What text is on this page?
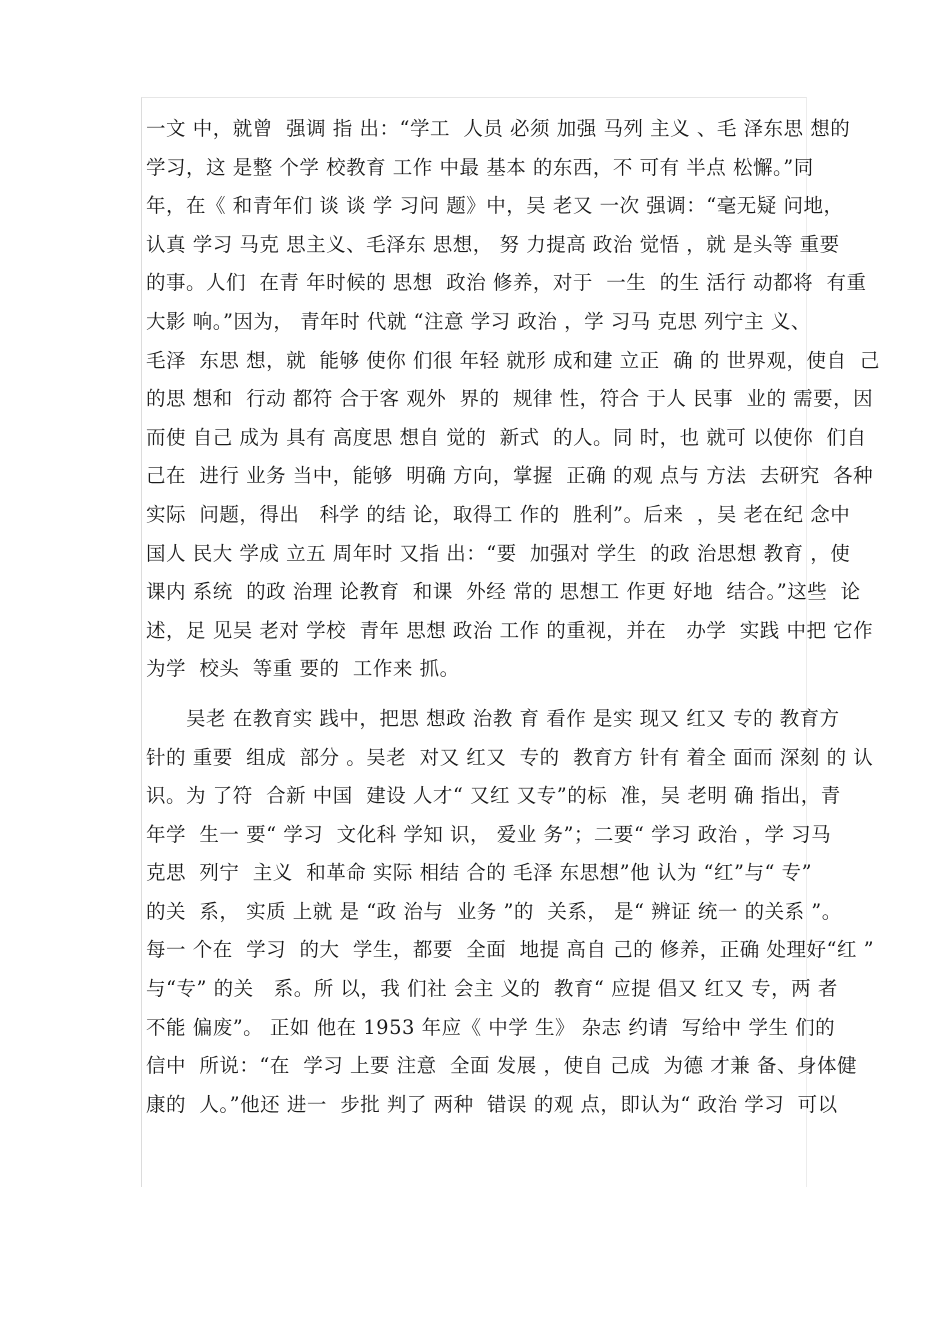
一文 中，就曾  强调 指 出：“学工  人员 必须 加强 马列 主义 、毛 泽东思 想的
学习，这 是整 个学 校教育 工作 中最 基本 的东西，不 可有 半点 松懈。”同
年，在《 和青年们 谈 谈 学 习问 题》中，吴 老又 一次 强调：“毫无疑 问地，
认真 学习 马克 思主义、毛泽东 思想， 努 力提高 政治 觉悟 ，就 是头等 重要
的事。人们  在青 年时候的 思想  政治 修养，对于  一生  的生 活行 动都将  有重
大影 响。”因为， 青年时 代就 “注意 学习 政治 ，学 习马 克思 列宁主 义、
毛泽  东思 想，就  能够 使你 们很 年轻 就形 成和建 立正  确 的 世界观，使自  己
的思 想和  行动 都符 合于客 观外  界的  规律 性，符合 于人 民事  业的 需要，因
而使 自己 成为 具有 高度思 想自 觉的  新式  的人。同 时，也 就可 以使你  们自
己在  进行 业务 当中，能够  明确 方向，掌握  正确 的观 点与 方法  去研究  各种
实际  问题，得出   科学 的结 论，取得工 作的  胜利”。后来  ，吴 老在纪 念中
国人 民大 学成 立五 周年时 又指 出：“要  加强对 学生  的政 治思想 教育 ，使
课内 系统  的政 治理 论教育  和课  外经 常的 思想工 作更 好地  结合。”这些  论
述，足 见吴 老对 学校  青年 思想 政治 工作 的重视，并在   办学  实践 中把 它作
为学  校头  等重 要的  工作来 抓。
吴老 在教育实 践中，把思 想政 治教 育 看作 是实 现又 红又 专的 教育方
针的 重要  组成  部分 。吴老  对又 红又  专的  教育方 针有 着全 面而 深刻 的 认
识。为 了符  合新 中国  建设 人才“ 又红 又专”的标  准，吴 老明 确 指出，青
年学  生一 要“ 学习  文化科 学知 识， 爱业 务”；二要“ 学习 政治 ，学 习马
克思  列宁  主义  和革命 实际 相结 合的 毛泽 东思想”他 认为 “红”与“ 专”
的关  系， 实质 上就 是 “政 治与  业务 ”的  关系， 是“ 辨证 统一 的关系 ”。
每一 个在  学习  的大  学生，都要  全面  地提 高自 己的 修养，正确 处理好“红 ”
与“专” 的关   系。所 以，我 们社 会主 义的  教育“ 应提 倡又 红又 专，两 者
不能 偏废”。 正如 他在 1953 年应《 中学 生》 杂志 约请  写给中 学生 们的
信中  所说：“在  学习 上要 注意  全面 发展 ，使自 己成  为德 才兼 备、身体健
康的  人。”他还 进一  步批 判了 两种  错误 的观 点，即认为“ 政治 学习  可以
